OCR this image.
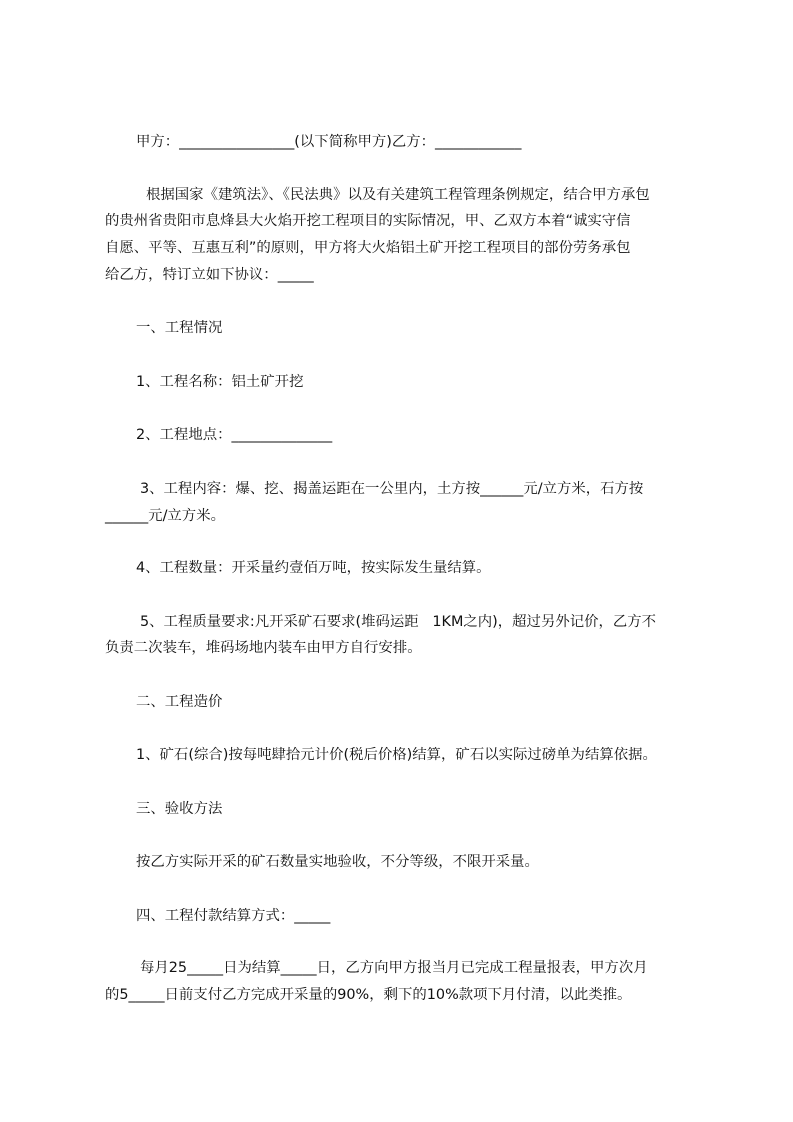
甲方：________________(以下简称甲方)乙方：____________

根据国家《建筑法》、《民法典》以及有关建筑工程管理条例规定，结合甲方承包

的贵州省贵阳市息烽县大火焰开挖工程项目的实际情况，甲、乙双方本着“诚实守信

自愿、平等、互惠互利”的原则，甲方将大火焰铝土矿开挖工程项目的部份劳务承包

给乙方，特订立如下协议：_____

一、工程情况

1、工程名称：铝土矿开挖

2、工程地点：______________

3、工程内容：爆、挖、揭盖运距在一公里内，土方按______元/立方米，石方按

______元/立方米。

4、工程数量：开采量约壹佰万吨，按实际发生量结算。

5、工程质量要求:凡开采矿石要求(堆码运距   1KM之内)，超过另外记价，乙方不

负责二次装车，堆码场地内装车由甲方自行安排。

二、工程造价

1、矿石(综合)按每吨肆拾元计价(税后价格)结算，矿石以实际过磅单为结算依据。

三、验收方法

按乙方实际开采的矿石数量实地验收，不分等级，不限开采量。

四、工程付款结算方式：_____

每月25_____日为结算_____日，乙方向甲方报当月已完成工程量报表，甲方次月

的5_____日前支付乙方完成开采量的90%，剩下的10%款项下月付清，以此类推。
